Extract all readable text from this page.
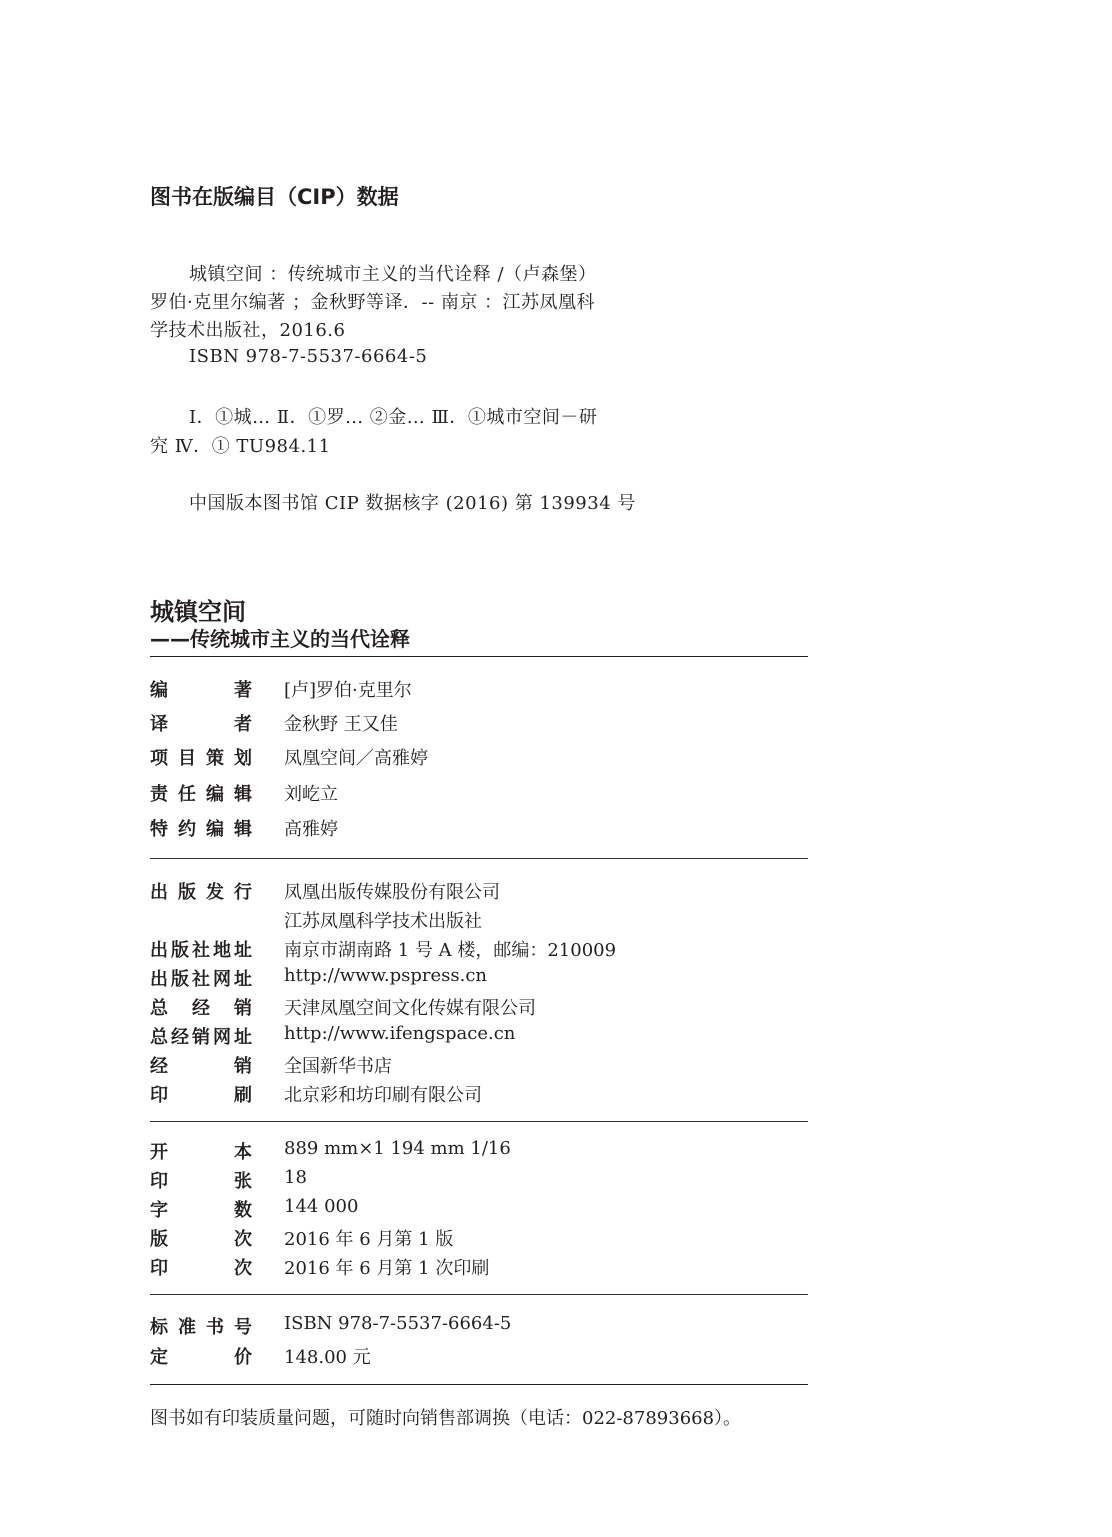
图书在版编目（CIP）数据
城镇空间 ：传统城市主义的当代诠释 /（卢森堡）
罗伯·克里尔编著 ；金秋野等译．-- 南京 ：江苏凤凰科
学技术出版社，2016.6
ISBN 978-7-5537-6664-5
Ⅰ．①城… Ⅱ．①罗… ②金… Ⅲ．①城市空间－研
究 Ⅳ．① TU984.11
中国版本图书馆 CIP 数据核字 (2016) 第 139934 号
城镇空间
——传统城市主义的当代诠释
编著 [卢]罗伯·克里尔
译者 金秋野 王又佳
项目策划 凤凰空间／高雅婷
责任编辑 刘屹立
特约编辑 高雅婷
出版发行 凤凰出版传媒股份有限公司
江苏凤凰科学技术出版社
出版社地址 南京市湖南路 1 号 A 楼，邮编：210009
出版社网址 http://www.pspress.cn
总经销 天津凤凰空间文化传媒有限公司
总经销网址 http://www.ifengspace.cn
经销 全国新华书店
印刷 北京彩和坊印刷有限公司
开本 889 mm×1 194 mm 1/16
印张 18
字数 144 000
版次 2016 年 6 月第 1 版
印次 2016 年 6 月第 1 次印刷
标准书号 ISBN 978-7-5537-6664-5
定价 148.00 元
图书如有印装质量问题，可随时向销售部调换（电话：022-87893668）。
